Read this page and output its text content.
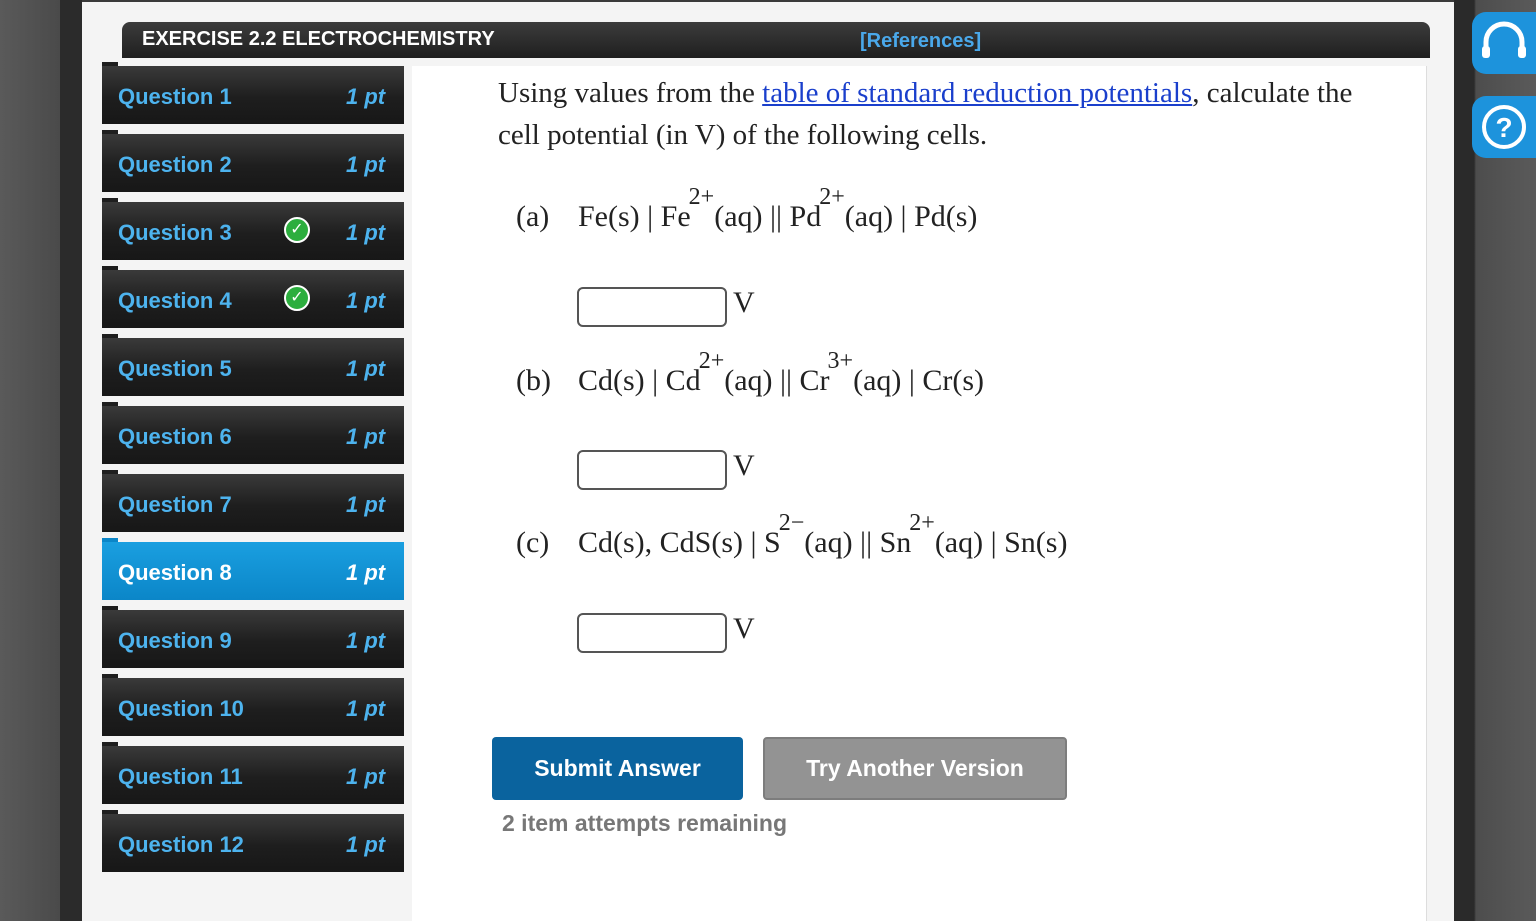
EXERCISE 2.2 ELECTROCHEMISTRY	[References]
Question 1	1 pt
Question 2	1 pt
Question 3	✓ 1 pt
Question 4	✓ 1 pt
Question 5	1 pt
Question 6	1 pt
Question 7	1 pt
Question 8	1 pt
Question 9	1 pt
Question 10	1 pt
Question 11	1 pt
Question 12	1 pt
Using values from the table of standard reduction potentials, calculate the cell potential (in V) of the following cells.
(a) Fe(s) | $Fe^{2+}(aq)$ || $Pd^{2+}(aq)$ | Pd(s)
V
(b) Cd(s) | $Cd^{2+}(aq)$ || $Cr^{3+}(aq)$ | Cr(s)
V
(c) Cd(s), CdS(s) | $S^{2-}(aq)$ || $Sn^{2+}(aq)$ | Sn(s)
V
Submit Answer	Try Another Version
2 item attempts remaining
?
